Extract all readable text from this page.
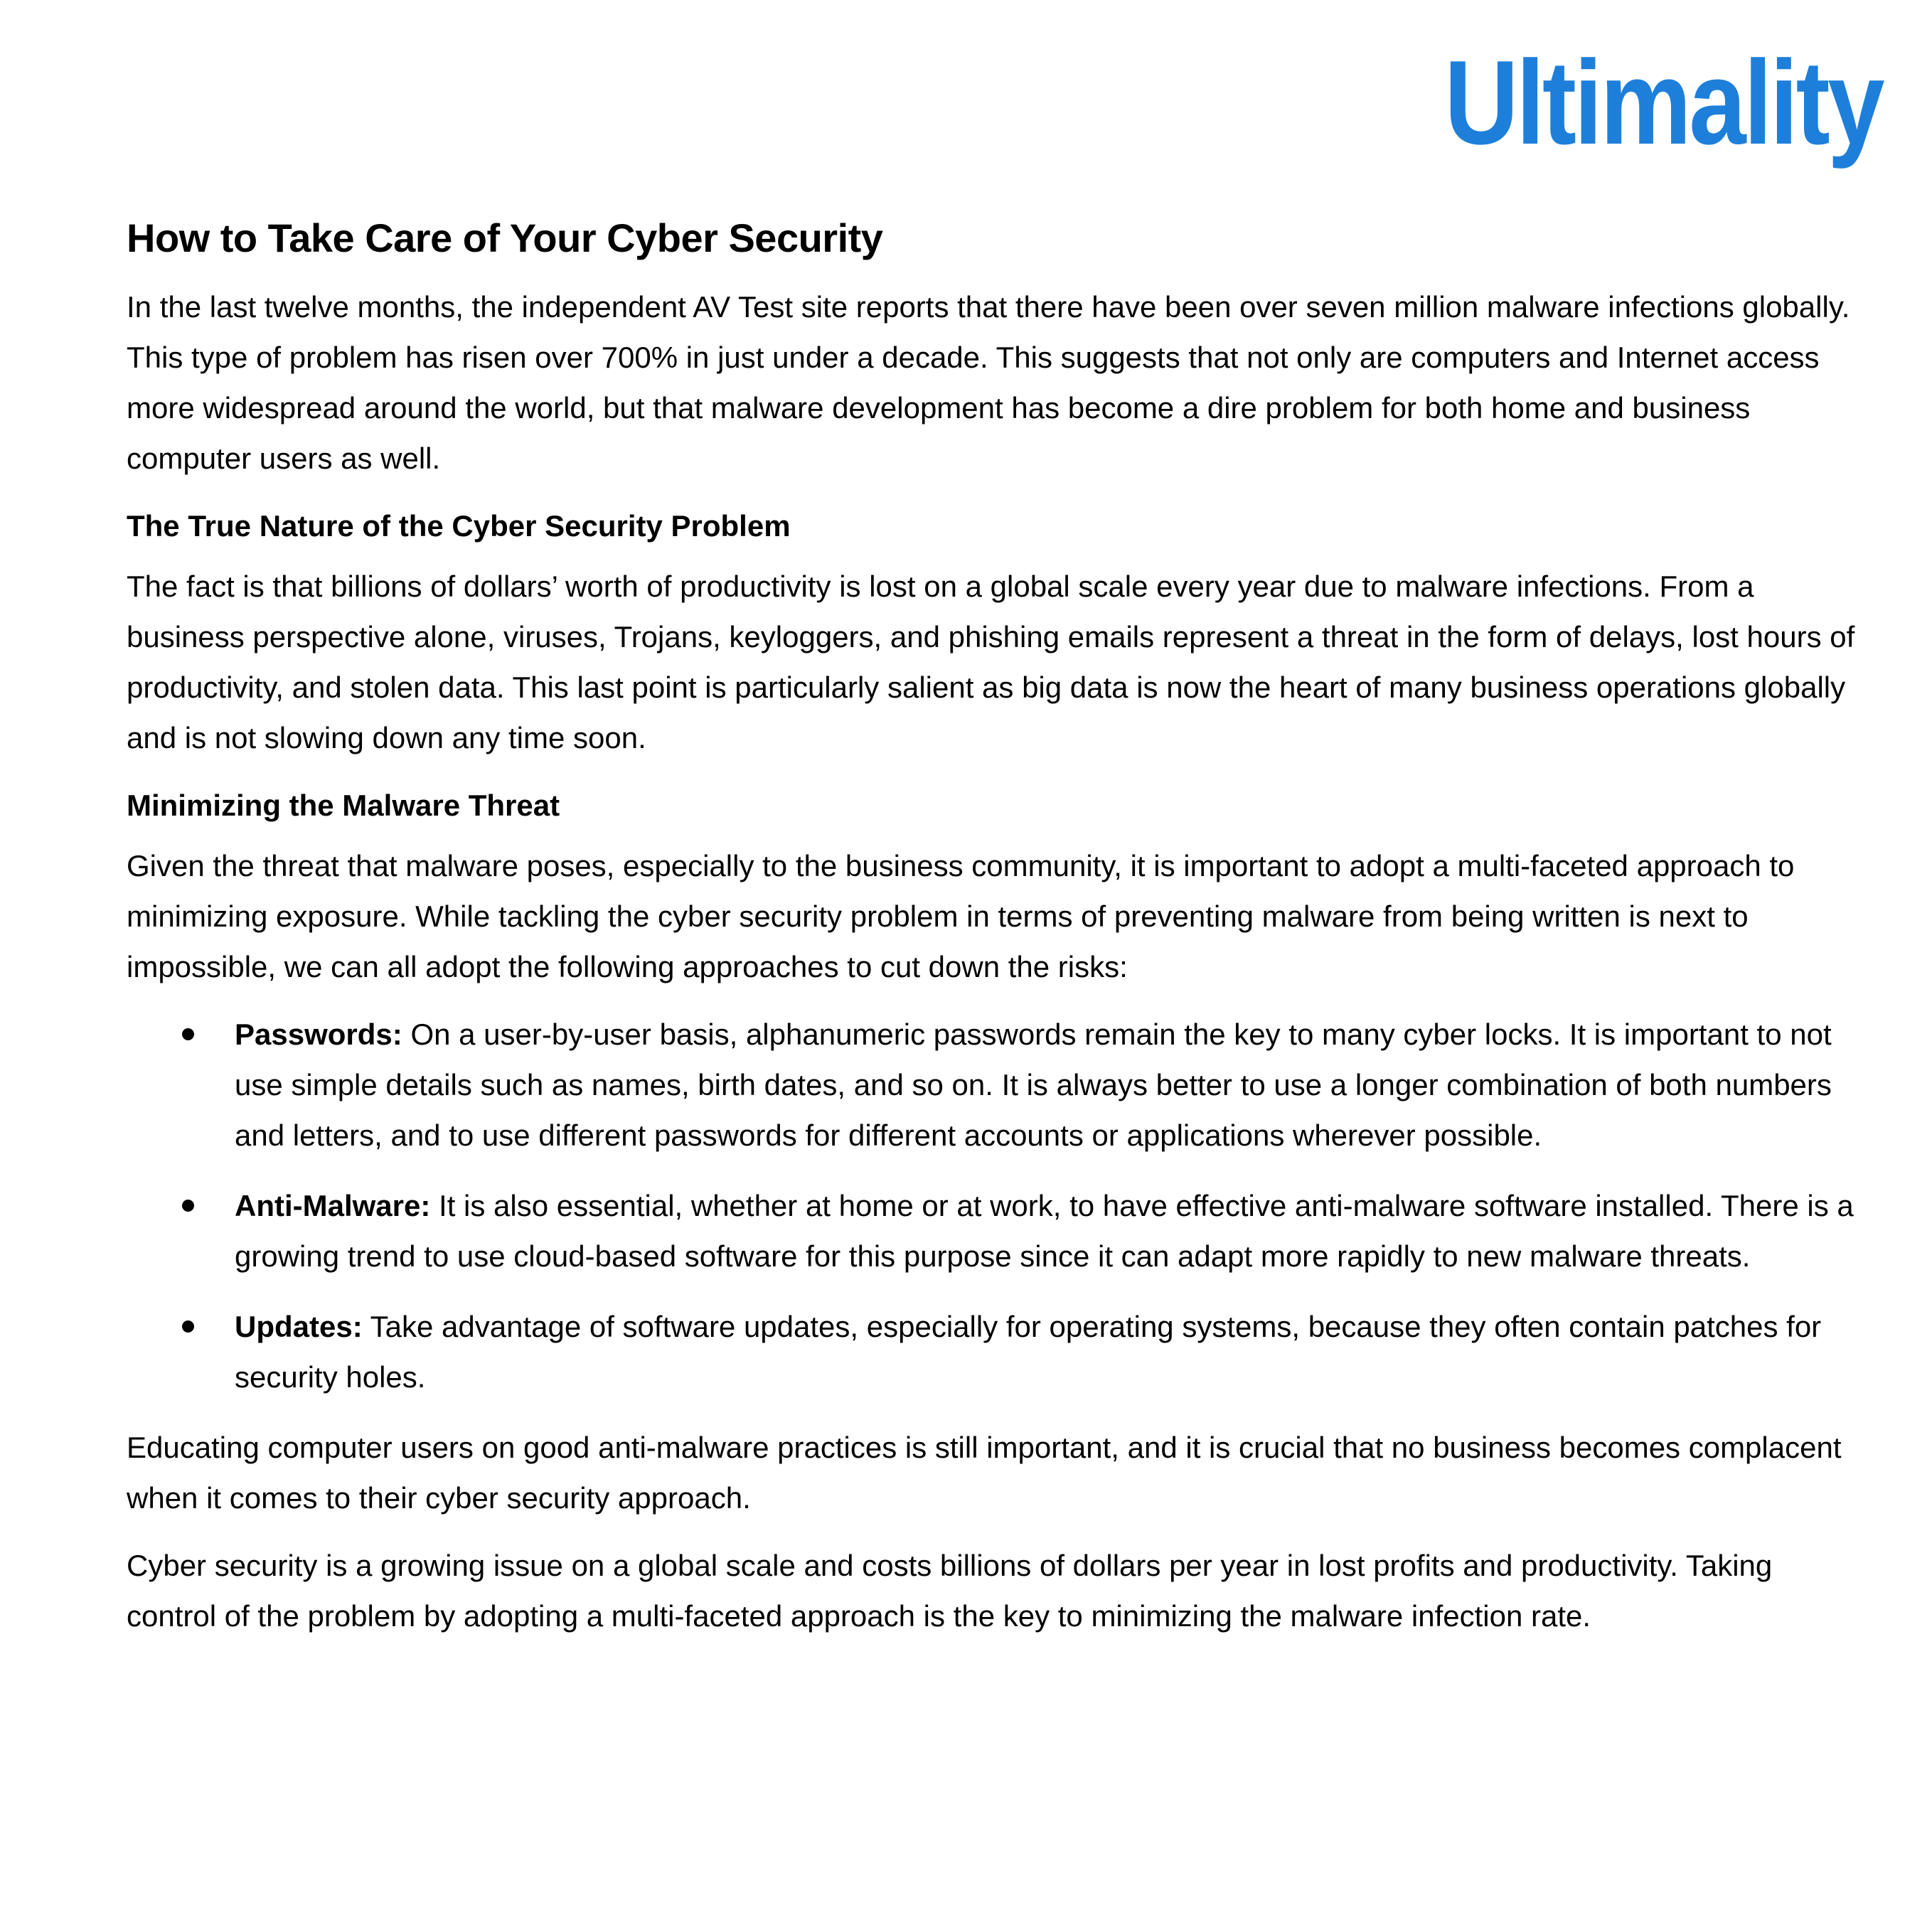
Ultimality
How to Take Care of Your Cyber Security

In the last twelve months, the independent AV Test site reports that there have been over seven million malware infections globally. This type of problem has risen over 700% in just under a decade. This suggests that not only are computers and Internet access more widespread around the world, but that malware development has become a dire problem for both home and business computer users as well.

The True Nature of the Cyber Security Problem

The fact is that billions of dollars’ worth of productivity is lost on a global scale every year due to malware infections. From a business perspective alone, viruses, Trojans, keyloggers, and phishing emails represent a threat in the form of delays, lost hours of productivity, and stolen data. This last point is particularly salient as big data is now the heart of many business operations globally and is not slowing down any time soon.

Minimizing the Malware Threat

Given the threat that malware poses, especially to the business community, it is important to adopt a multi-faceted approach to minimizing exposure. While tackling the cyber security problem in terms of preventing malware from being written is next to impossible, we can all adopt the following approaches to cut down the risks:

Passwords: On a user-by-user basis, alphanumeric passwords remain the key to many cyber locks. It is important to not use simple details such as names, birth dates, and so on. It is always better to use a longer combination of both numbers and letters, and to use different passwords for different accounts or applications wherever possible.
Anti-Malware: It is also essential, whether at home or at work, to have effective anti-malware software installed. There is a growing trend to use cloud-based software for this purpose since it can adapt more rapidly to new malware threats.
Updates: Take advantage of software updates, especially for operating systems, because they often contain patches for security holes.

Educating computer users on good anti-malware practices is still important, and it is crucial that no business becomes complacent when it comes to their cyber security approach.

Cyber security is a growing issue on a global scale and costs billions of dollars per year in lost profits and productivity. Taking control of the problem by adopting a multi-faceted approach is the key to minimizing the malware infection rate.
